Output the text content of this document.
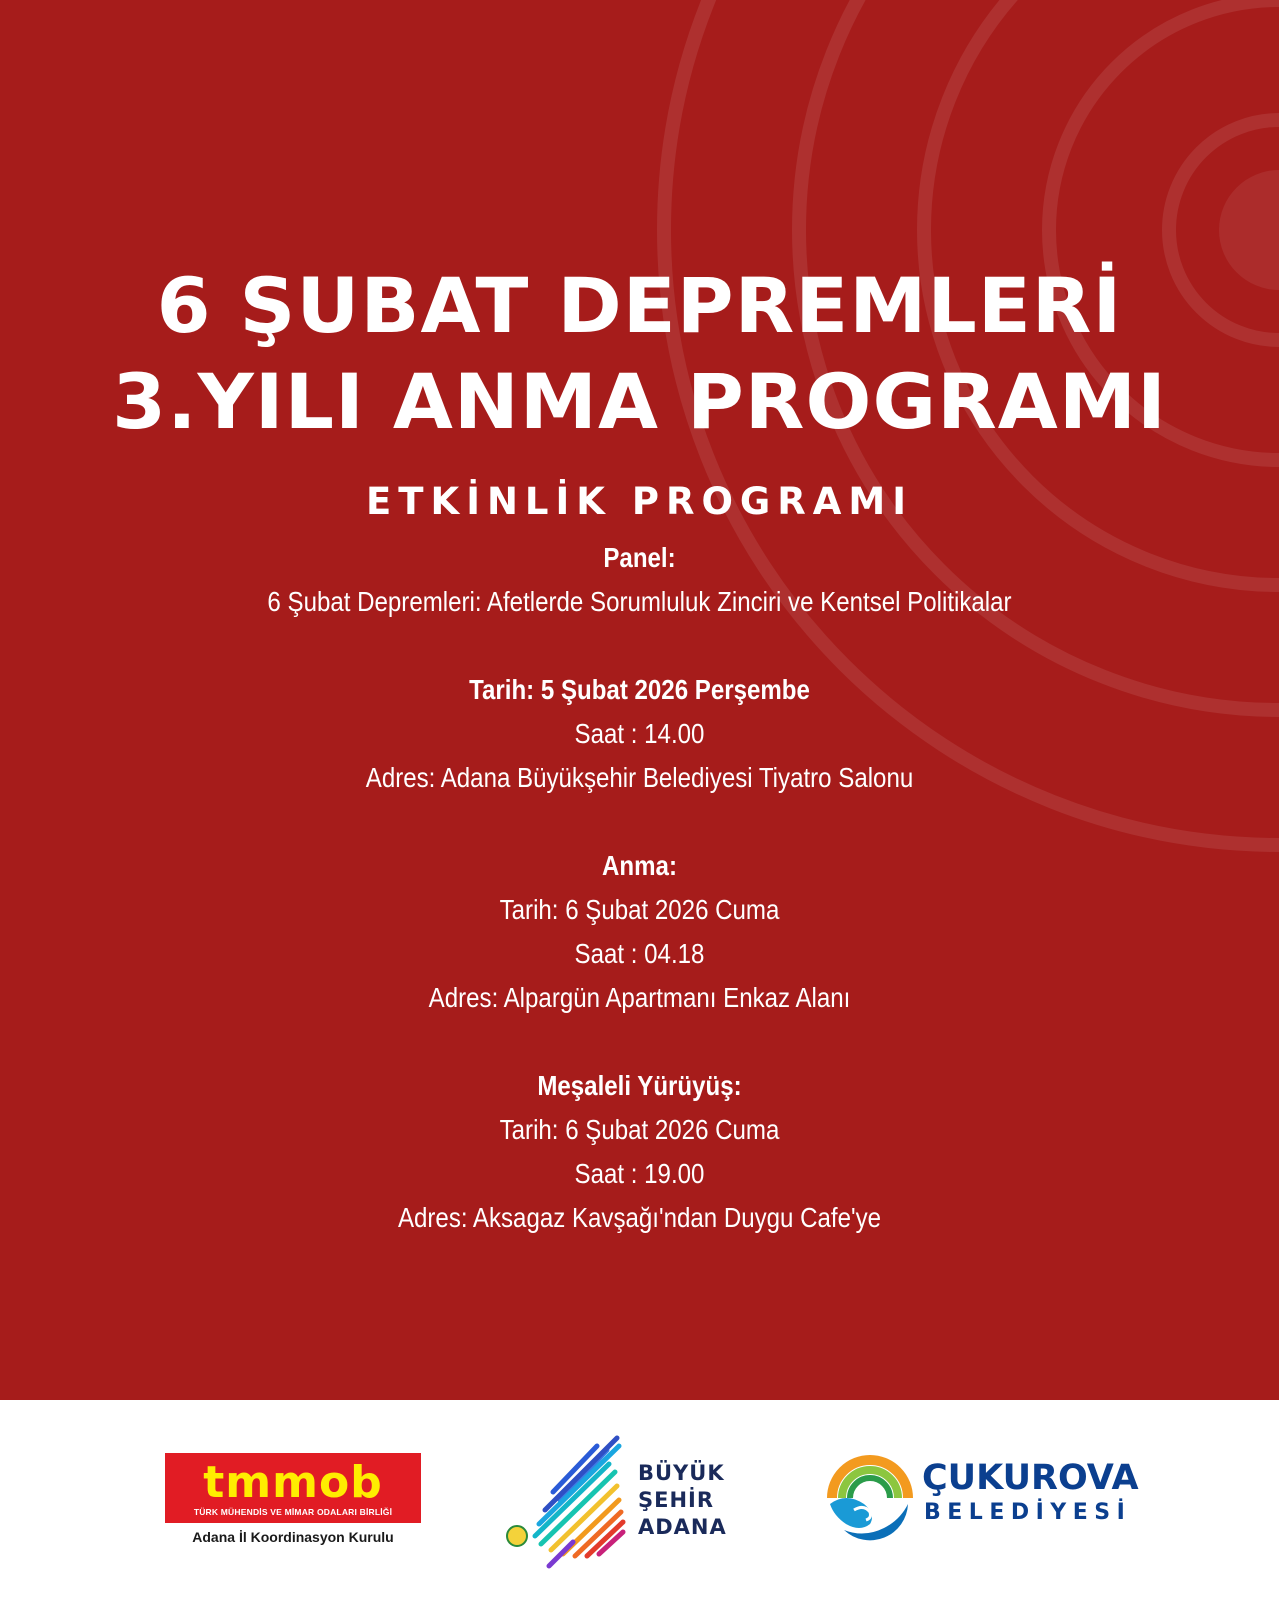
6 ŞUBAT DEPREMLERİ
3.YILI ANMA PROGRAMI
ETKİNLİK PROGRAMI
Panel:
6 Şubat Depremleri: Afetlerde Sorumluluk Zinciri ve Kentsel Politikalar
Tarih: 5 Şubat 2026 Perşembe
Saat : 14.00
Adres: Adana Büyükşehir Belediyesi Tiyatro Salonu
Anma:
Tarih: 6 Şubat 2026 Cuma
Saat : 04.18
Adres: Alpargün Apartmanı Enkaz Alanı
Meşaleli Yürüyüş:
Tarih: 6 Şubat 2026 Cuma
Saat : 19.00
Adres: Aksagaz Kavşağı'ndan Duygu Cafe'ye
tmmob
TÜRK MÜHENDİS VE MİMAR ODALARI BİRLİĞİ
Adana İl Koordinasyon Kurulu
BÜYÜK
ŞEHİR
ADANA
ÇUKUROVA
BELEDİYESİ
